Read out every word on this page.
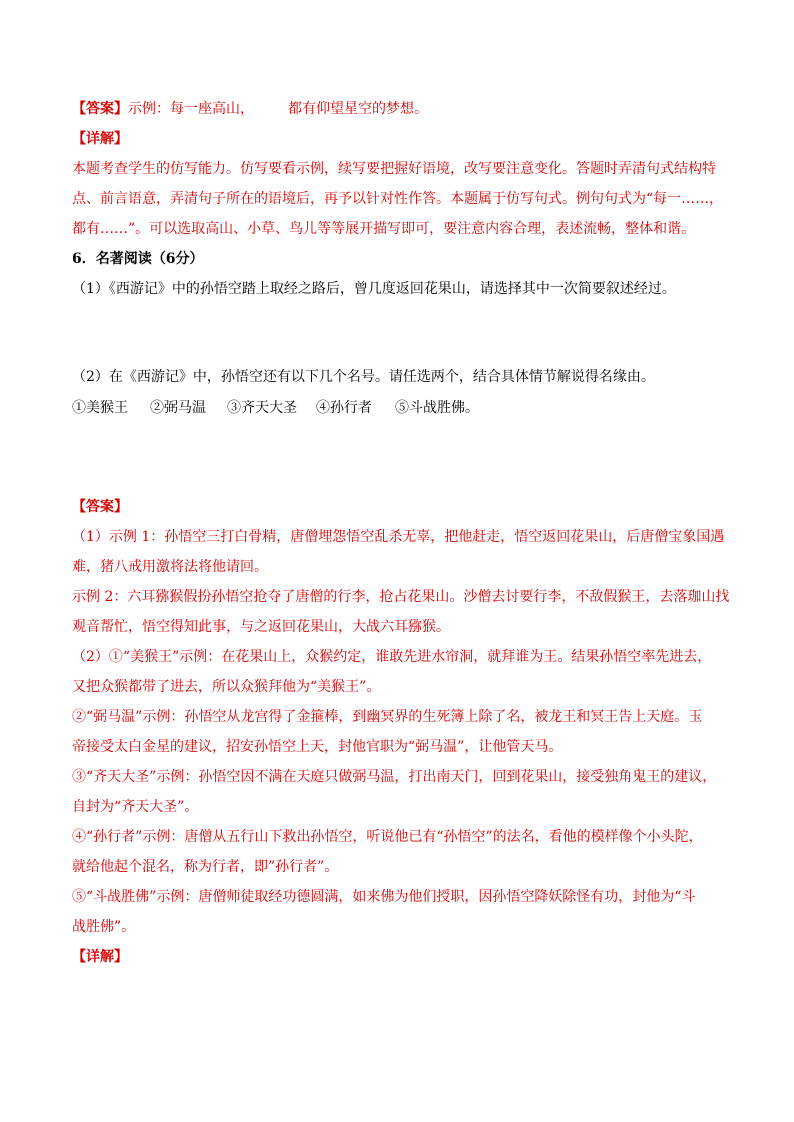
【答案】示例：每一座高山， 都有仰望星空的梦想。
【详解】
本题考查学生的仿写能力。仿写要看示例，续写要把握好语境，改写要注意变化。答题时弄清句式结构特
点、前言语意，弄清句子所在的语境后，再予以针对性作答。本题属于仿写句式。例句句式为“每一……，
都有……”。可以选取高山、小草、鸟儿等等展开描写即可，要注意内容合理，表述流畅，整体和谐。
6．名著阅读（6分）
（1）《西游记》中的孙悟空踏上取经之路后，曾几度返回花果山，请选择其中一次简要叙述经过。
（2）在《西游记》中，孙悟空还有以下几个名号。请任选两个，结合具体情节解说得名缘由。
①美猴王 ②弼马温 ③齐天大圣 ④孙行者 ⑤斗战胜佛。
【答案】
（1）示例 1：孙悟空三打白骨精，唐僧埋怨悟空乱杀无辜，把他赶走，悟空返回花果山，后唐僧宝象国遇
难，猪八戒用激将法将他请回。
示例 2：六耳猕猴假扮孙悟空抢夺了唐僧的行李，抢占花果山。沙僧去讨要行李，不敌假猴王，去落珈山找
观音帮忙，悟空得知此事，与之返回花果山，大战六耳猕猴。
（2）①“美猴王”示例：在花果山上，众猴约定，谁敢先进水帘洞，就拜谁为王。结果孙悟空率先进去，
又把众猴都带了进去，所以众猴拜他为“美猴王”。
②“弼马温”示例：孙悟空从龙宫得了金箍棒，到幽冥界的生死簿上除了名，被龙王和冥王告上天庭。玉
帝接受太白金星的建议，招安孙悟空上天，封他官职为“弼马温”，让他管天马。
③“齐天大圣”示例：孙悟空因不满在天庭只做弼马温，打出南天门，回到花果山，接受独角鬼王的建议，
自封为“齐天大圣”。
④“孙行者”示例：唐僧从五行山下救出孙悟空，听说他已有“孙悟空”的法名，看他的模样像个小头陀，
就给他起个混名，称为行者，即”孙行者”。
⑤“斗战胜佛”示例：唐僧师徒取经功德圆满，如来佛为他们授职，因孙悟空降妖除怪有功，封他为“斗
战胜佛”。
【详解】
